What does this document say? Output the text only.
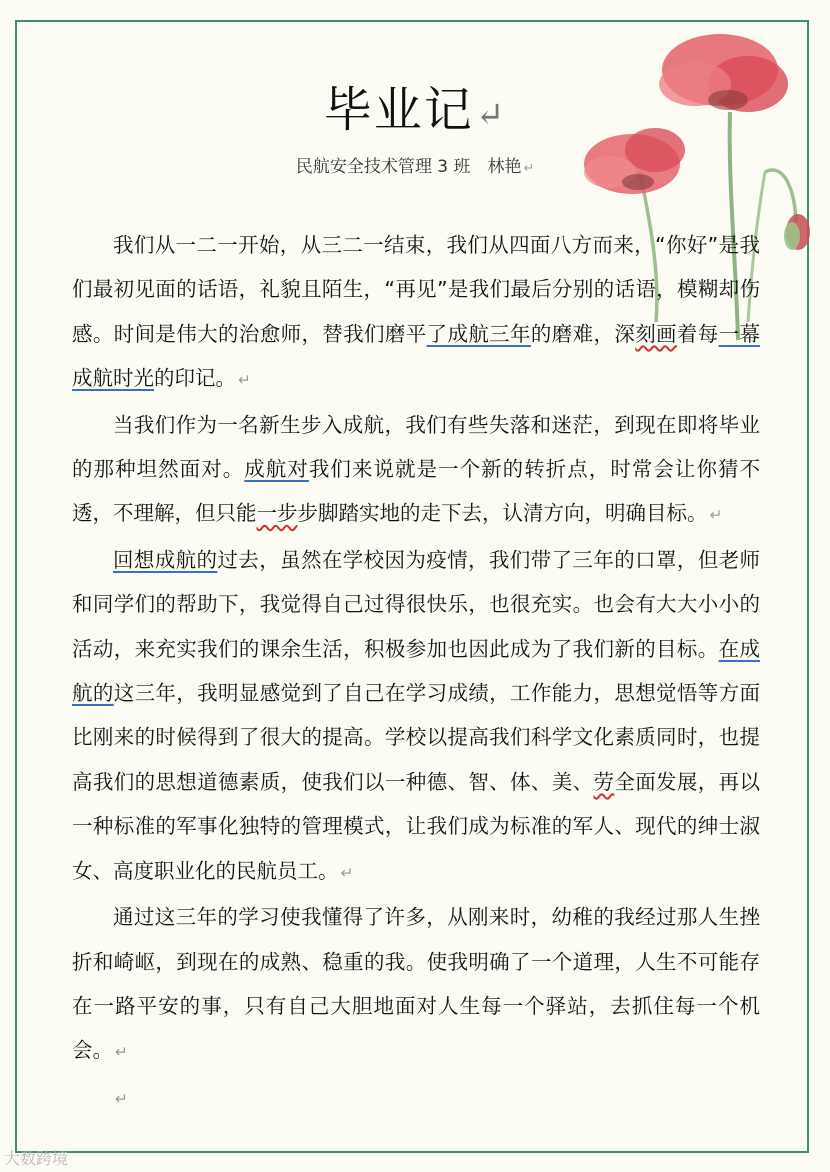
毕业记↵
民航安全技术管理 3 班　林艳 ↵

我们从一二一开始，从三二一结束，我们从四面八方而来，“你好”是我们最初见面的话语，礼貌且陌生，“再见”是我们最后分别的话语，模糊却伤感。时间是伟大的治愈师，替我们磨平了成航三年的磨难，深刻画着每一幕成航时光的印记。 ↵

当我们作为一名新生步入成航，我们有些失落和迷茫，到现在即将毕业的那种坦然面对。成航对我们来说就是一个新的转折点，时常会让你猜不透，不理解，但只能一步步脚踏实地的走下去，认清方向，明确目标。 ↵

回想成航的过去，虽然在学校因为疫情，我们带了三年的口罩，但老师和同学们的帮助下，我觉得自己过得很快乐，也很充实。也会有大大小小的活动，来充实我们的课余生活，积极参加也因此成为了我们新的目标。在成航的这三年，我明显感觉到了自己在学习成绩，工作能力，思想觉悟等方面比刚来的时候得到了很大的提高。学校以提高我们科学文化素质同时，也提高我们的思想道德素质，使我们以一种德、智、体、美、劳全面发展，再以一种标准的军事化独特的管理模式，让我们成为标准的军人、现代的绅士淑女、高度职业化的民航员工。 ↵

通过这三年的学习使我懂得了许多，从刚来时，幼稚的我经过那人生挫折和崎岖，到现在的成熟、稳重的我。使我明确了一个道理，人生不可能存在一路平安的事，只有自己大胆地面对人生每一个驿站，去抓住每一个机会。 ↵

↵
大数跨境
